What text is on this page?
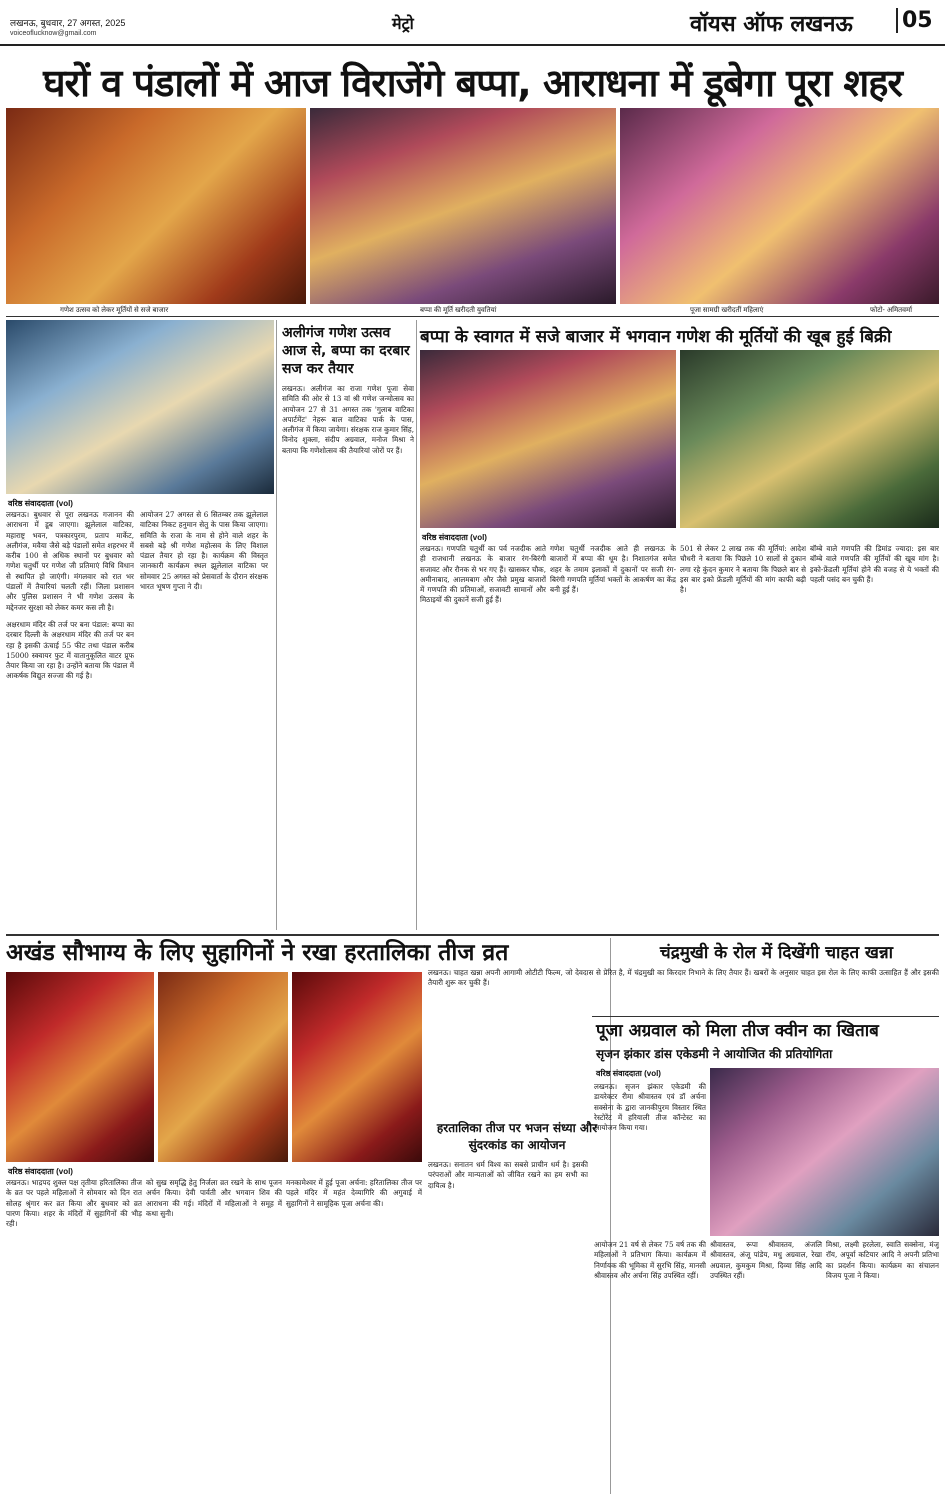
लखनऊ, बुधवार, 27 अगस्त, 2025
voiceoflucknow@gmail.com
मेट्रो	वॉयस ऑफ लखनऊ 05
घरों व पंडालों में आज विराजेंगे बप्पा, आराधना में डूबेगा पूरा शहर
गणेश उत्सव को लेकर मूर्तियों से सजे बाजार	बप्पा की मूर्ति खरीदती युवतियां	पूजा सामग्री खरीदतीं महिलाएं	फोटो- अमितवर्मा
वरिष्ठ संवाददाता (vol)
लखनऊ। बुधवार से पूरा लखनऊ गजानन की आराधना में डूब जाएगा। झूलेलाल वाटिका, महाराष्ट्र भवन, पत्रकारपुरम, प्रताप मार्केट, अलीगंज, मवैया जैसे बड़े पंडालों समेत शहरभर में करीब 100 से अधिक स्थानों पर बुधवार को गणेश चतुर्थी पर गणेश जी प्रतिमाएं विधि विधान से स्थापित हो जाएंगी। मंगलवार को रात भर पंडालों में तैयारियां चलती रहीं। जिला प्रशासन और पुलिस प्रशासन ने भी गणेश उत्सव के मद्देनजर सुरक्षा को लेकर कमर कस ली है।
आयोजन 27 अगस्त से 6 सितम्बर तक झूलेलाल वाटिका निकट हनुमान सेतु के पास किया जाएगा। समिति के राजा के नाम से होने वाले शहर के सबसे बड़े श्री गणेश महोत्सव के लिए विशाल पंडाल तैयार हो रहा है। कार्यक्रम की विस्तृत जानकारी कार्यक्रम स्थल झूलेलाल वाटिका पर सोमवार 25 अगस्त को प्रेसवार्ता के दौरान संरक्षक भारत भूषण गुप्ता ने दी।
अक्षरधाम मंदिर की तर्ज पर बना पंडाल: बप्पा का दरबार दिल्ली के अक्षरधाम मंदिर की तर्ज पर बन रहा है इसकी ऊंचाई 55 फीट तथा पंडाल करीब 15000 स्क्वायर फुट में वातानुकूलित वाटर प्रूफ तैयार किया जा रहा है। उन्होंने बताया कि पंडाल में आकर्षक विद्युत सज्जा की गई है।
अलीगंज गणेश उत्सव आज से, बप्पा का दरबार सज कर तैयार
लखनऊ। अलीगंज का राजा गणेश पूजा सेवा समिति की ओर से 13 वां श्री गणेश जन्मोत्सव का आयोजन 27 से 31 अगस्त तक 'गुलाब वाटिका अपार्टमेंट' नेहरू बाल वाटिका पार्क के पास, अलीगंज में किया जायेगा। संरक्षक राज कुमार सिंह, विनोद शुक्ला, संदीप अग्रवाल, मनोज मिश्रा ने बताया कि गणेशोत्सव की तैयारियां जोरों पर हैं।
बप्पा के स्वागत में सजे बाजार में भगवान गणेश की मूर्तियों की खूब हुई बिक्री
वरिष्ठ संवाददाता (vol)
लखनऊ। गणपति चतुर्थी का पर्व नजदीक आते ही राजधानी लखनऊ के बाजार रंग-बिरंगी सजावट और रौनक से भर गए हैं। खासकर चौक, अमीनाबाद, आलमबाग और जैसे प्रमुख बाजारों में गणपति की प्रतिमाओं, सजावटी सामानों और मिठाइयों की दुकानें सजी हुई हैं।
गणेश चतुर्थी नजदीक आते ही लखनऊ के बाजारों में बप्पा की धूम है। निशातगंज समेत शहर के तमाम इलाकों में दुकानों पर सजी रंग-बिरंगी गणपति मूर्तियां भक्तों के आकर्षण का केंद्र बनी हुई हैं।
501 से लेकर 2 लाख तक की मूर्तियां: आदेश चौधरी ने बताया कि पिछले 10 सालों से दुकान लगा रहे कुंदन कुमार ने बताया कि पिछले बार से इस बार इको फ्रेंडली मूर्तियों की मांग काफी बढ़ी है।
बॉम्बे वाले गणपति की डिमांड ज्यादा: इस बार बॉम्बे वाले गणपति की मूर्तियों की खूब मांग है। इको-फ्रेंडली मूर्तियां होने की वजह से ये भक्तों की पहली पसंद बन चुकी हैं।
अखंड सौभाग्य के लिए सुहागिनों ने रखा हरतालिका तीज व्रत
वरिष्ठ संवाददाता (vol)
लखनऊ। भाद्रपद शुक्ल पक्ष तृतीया हरितालिका तीज के व्रत पर पहले महिलाओं ने सोमवार को दिन रात सोलह श्रृंगार कर व्रत किया और बुधवार को व्रत पारण किया। शहर के मंदिरों में सुहागिनों की भीड़ रही।
को सुख समृद्धि हेतु निर्जला व्रत रखने के साथ पूजन अर्चन किया। देवी पार्वती और भगवान शिव की आराधना की गई। मंदिरों में महिलाओं ने समूह में कथा सुनी।
मनकामेश्वर में हुई पूजा अर्चना: हरितालिका तीज पर पहले मंदिर में महंत देव्यागिरि की अगुवाई में सुहागिनों ने सामूहिक पूजा अर्चना की।
हरतालिका तीज पर भजन संध्या और सुंदरकांड का आयोजन
लखनऊ। सनातन धर्म विश्व का सबसे प्राचीन धर्म है। इसकी परंपराओं और मान्यताओं को जीवित रखने का हम सभी का दायित्व है।
चंद्रमुखी के रोल में दिखेंगी चाहत खन्ना
लखनऊ। चाहत खन्ना अपनी आगामी ओटीटी फिल्म, जो देवदास से प्रेरित है, में चंद्रमुखी का किरदार निभाने के लिए तैयार हैं। खबरों के अनुसार चाहत इस रोल के लिए काफी उत्साहित हैं और इसकी तैयारी शुरू कर चुकी हैं।
पूजा अग्रवाल को मिला तीज क्वीन का खिताब
सृजन झंकार डांस एकेडमी ने आयोजित की प्रतियोगिता
वरिष्ठ संवाददाता (vol)
लखनऊ। सृजन झंकार एकेडमी की डायरेक्टर रीमा श्रीवास्तव एवं डॉ अर्चना सक्सेना के द्वारा जानकीपुरम विस्तार स्थित रेस्टोरेंट में हरियाली तीज कॉन्टेस्ट का आयोजन किया गया।
आयोजन 21 वर्ष से लेकर 75 वर्ष तक की महिलाओं ने प्रतिभाग किया। कार्यक्रम में निर्णायक की भूमिका में सुरभि सिंह, मानसी श्रीवास्तव और अर्चना सिंह उपस्थित रहीं।
श्रीवास्तव, रूपा श्रीवास्तव, अंजलि श्रीवास्तव, अंजू पांडेय, मधु अग्रवाल, रेखा अग्रवाल, कुमकुम मिश्रा, दिव्या सिंह आदि उपस्थित रहीं।
मिश्रा, लक्ष्मी हरलेला, स्वाति सक्सेना, मंजू रॉय, अपूर्वा कटियार आदि ने अपनी प्रतिभा का प्रदर्शन किया। कार्यक्रम का संचालन विजय पूजा ने किया।
